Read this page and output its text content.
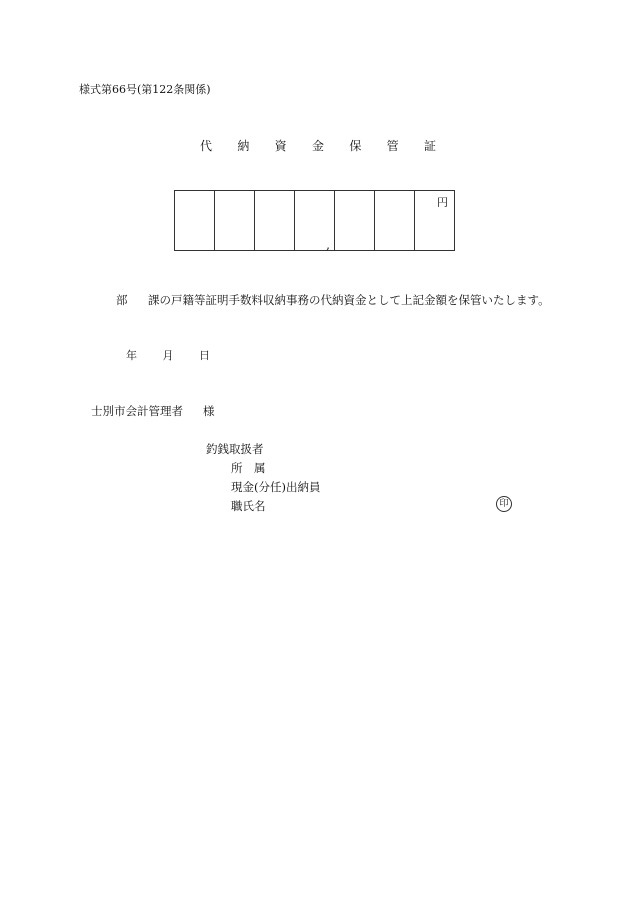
様式第66号(第122条関係)
代 納 資 金 保 管 証
,
円
部 課の戸籍等証明手数料収納事務の代納資金として上記金額を保管いたします。
年 月 日
士別市会計管理者 様
釣銭取扱者
所　属
現金(分任)出納員
職氏名	印
